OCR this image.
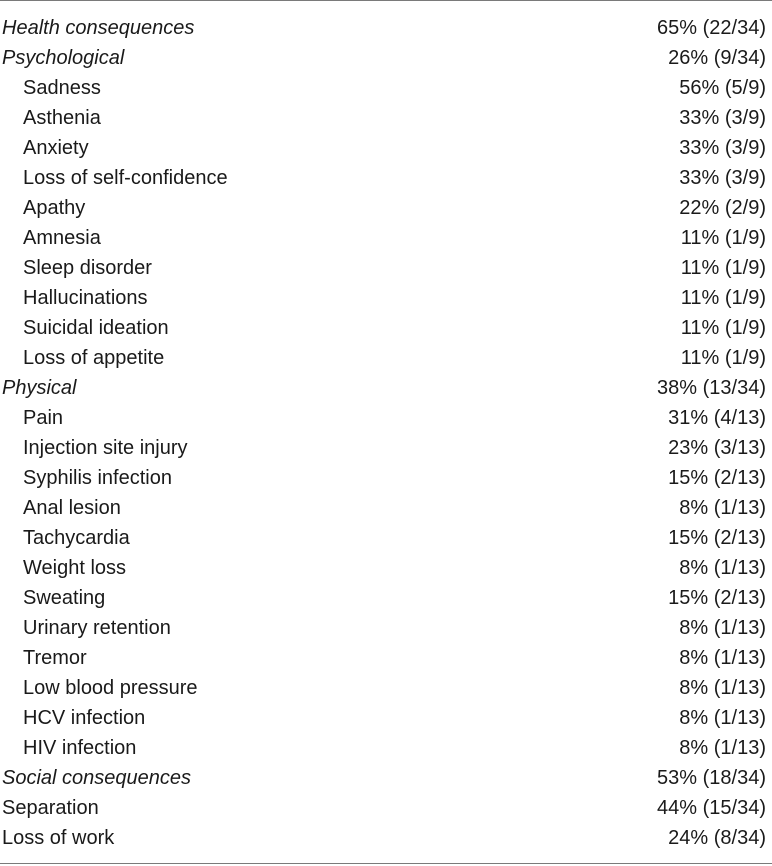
Health consequences	65% (22/34)
Psychological	26% (9/34)
Sadness	56% (5/9)
Asthenia	33% (3/9)
Anxiety	33% (3/9)
Loss of self-confidence	33% (3/9)
Apathy	22% (2/9)
Amnesia	11% (1/9)
Sleep disorder	11% (1/9)
Hallucinations	11% (1/9)
Suicidal ideation	11% (1/9)
Loss of appetite	11% (1/9)
Physical	38% (13/34)
Pain	31% (4/13)
Injection site injury	23% (3/13)
Syphilis infection	15% (2/13)
Anal lesion	8% (1/13)
Tachycardia	15% (2/13)
Weight loss	8% (1/13)
Sweating	15% (2/13)
Urinary retention	8% (1/13)
Tremor	8% (1/13)
Low blood pressure	8% (1/13)
HCV infection	8% (1/13)
HIV infection	8% (1/13)
Social consequences	53% (18/34)
Separation	44% (15/34)
Loss of work	24% (8/34)
